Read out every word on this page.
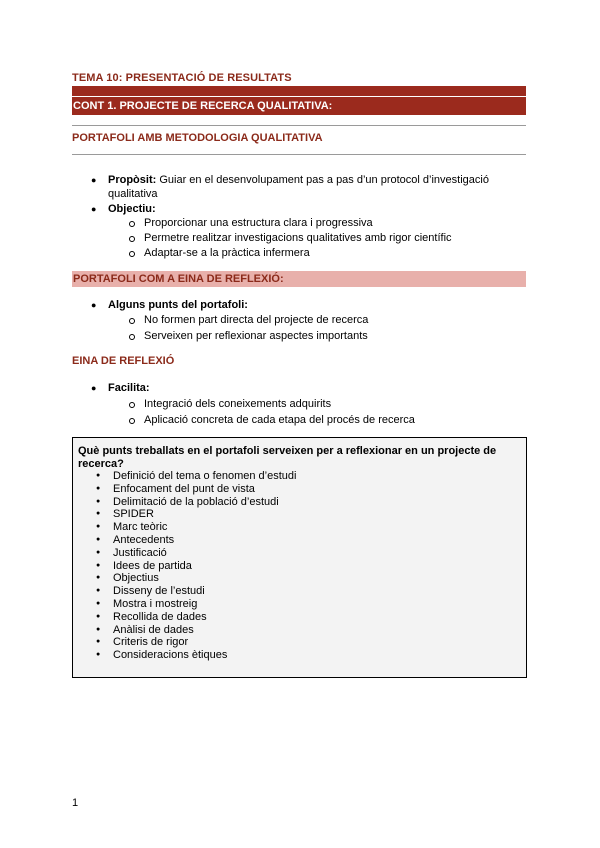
TEMA 10: PRESENTACIÓ DE RESULTATS
CONT 1. PROJECTE DE RECERCA QUALITATIVA:
PORTAFOLI AMB METODOLOGIA QUALITATIVA
● Propòsit: Guiar en el desenvolupament pas a pas d’un protocol d’investigació
qualitativa
● Objectiu:
Proporcionar una estructura clara i progressiva
Permetre realitzar investigacions qualitatives amb rigor científic
Adaptar-se a la pràctica infermera
PORTAFOLI COM A EINA DE REFLEXIÓ:
● Alguns punts del portafoli:
No formen part directa del projecte de recerca
Serveixen per reflexionar aspectes importants
EINA DE REFLEXIÓ
● Facilita:
Integració dels coneixements adquirits
Aplicació concreta de cada etapa del procés de recerca
Què punts treballats en el portafoli serveixen per a reflexionar en un projecte de recerca?
● Definició del tema o fenomen d’estudi
● Enfocament del punt de vista
● Delimitació de la població d’estudi
● SPIDER
● Marc teòric
● Antecedents
● Justificació
● Idees de partida
● Objectius
● Disseny de l’estudi
● Mostra i mostreig
● Recollida de dades
● Anàlisi de dades
● Criteris de rigor
● Consideracions ètiques
1
